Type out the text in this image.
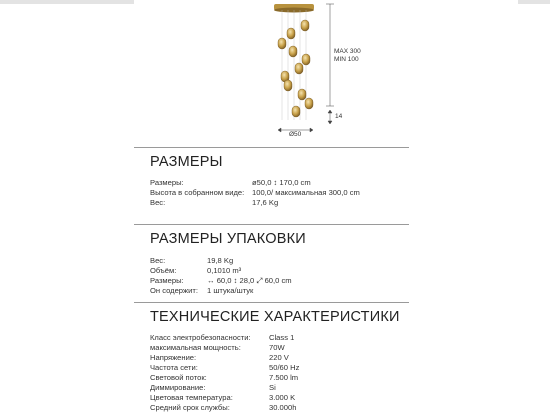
MAX 300
MIN 100
14
Ø50
РАЗМЕРЫ
Размеры:	ø50,0 ↕ 170,0 cm
Высота в собранном виде: 100,0/ максимальная 300,0 cm
Вес:	17,6 Kg
РАЗМЕРЫ УПАКОВКИ
Вес:	19,8 Kg
Объём:	0,1010 m³
Размеры:	↔ 60,0 ↕ 28,0 ⤢ 60,0 cm
Он содержит: 1 штука/штук
ТЕХНИЧЕСКИЕ ХАРАКТЕРИСТИКИ
Класс электробезопасности: Class 1
максимальная мощность:	70W
Напряжение:	220 V
Частота сети:	50/60 Hz
Световой поток:	7.500 lm
Диммирование:	Si
Цветовая температура:	3.000 K
Средний срок службы:	30.000h
